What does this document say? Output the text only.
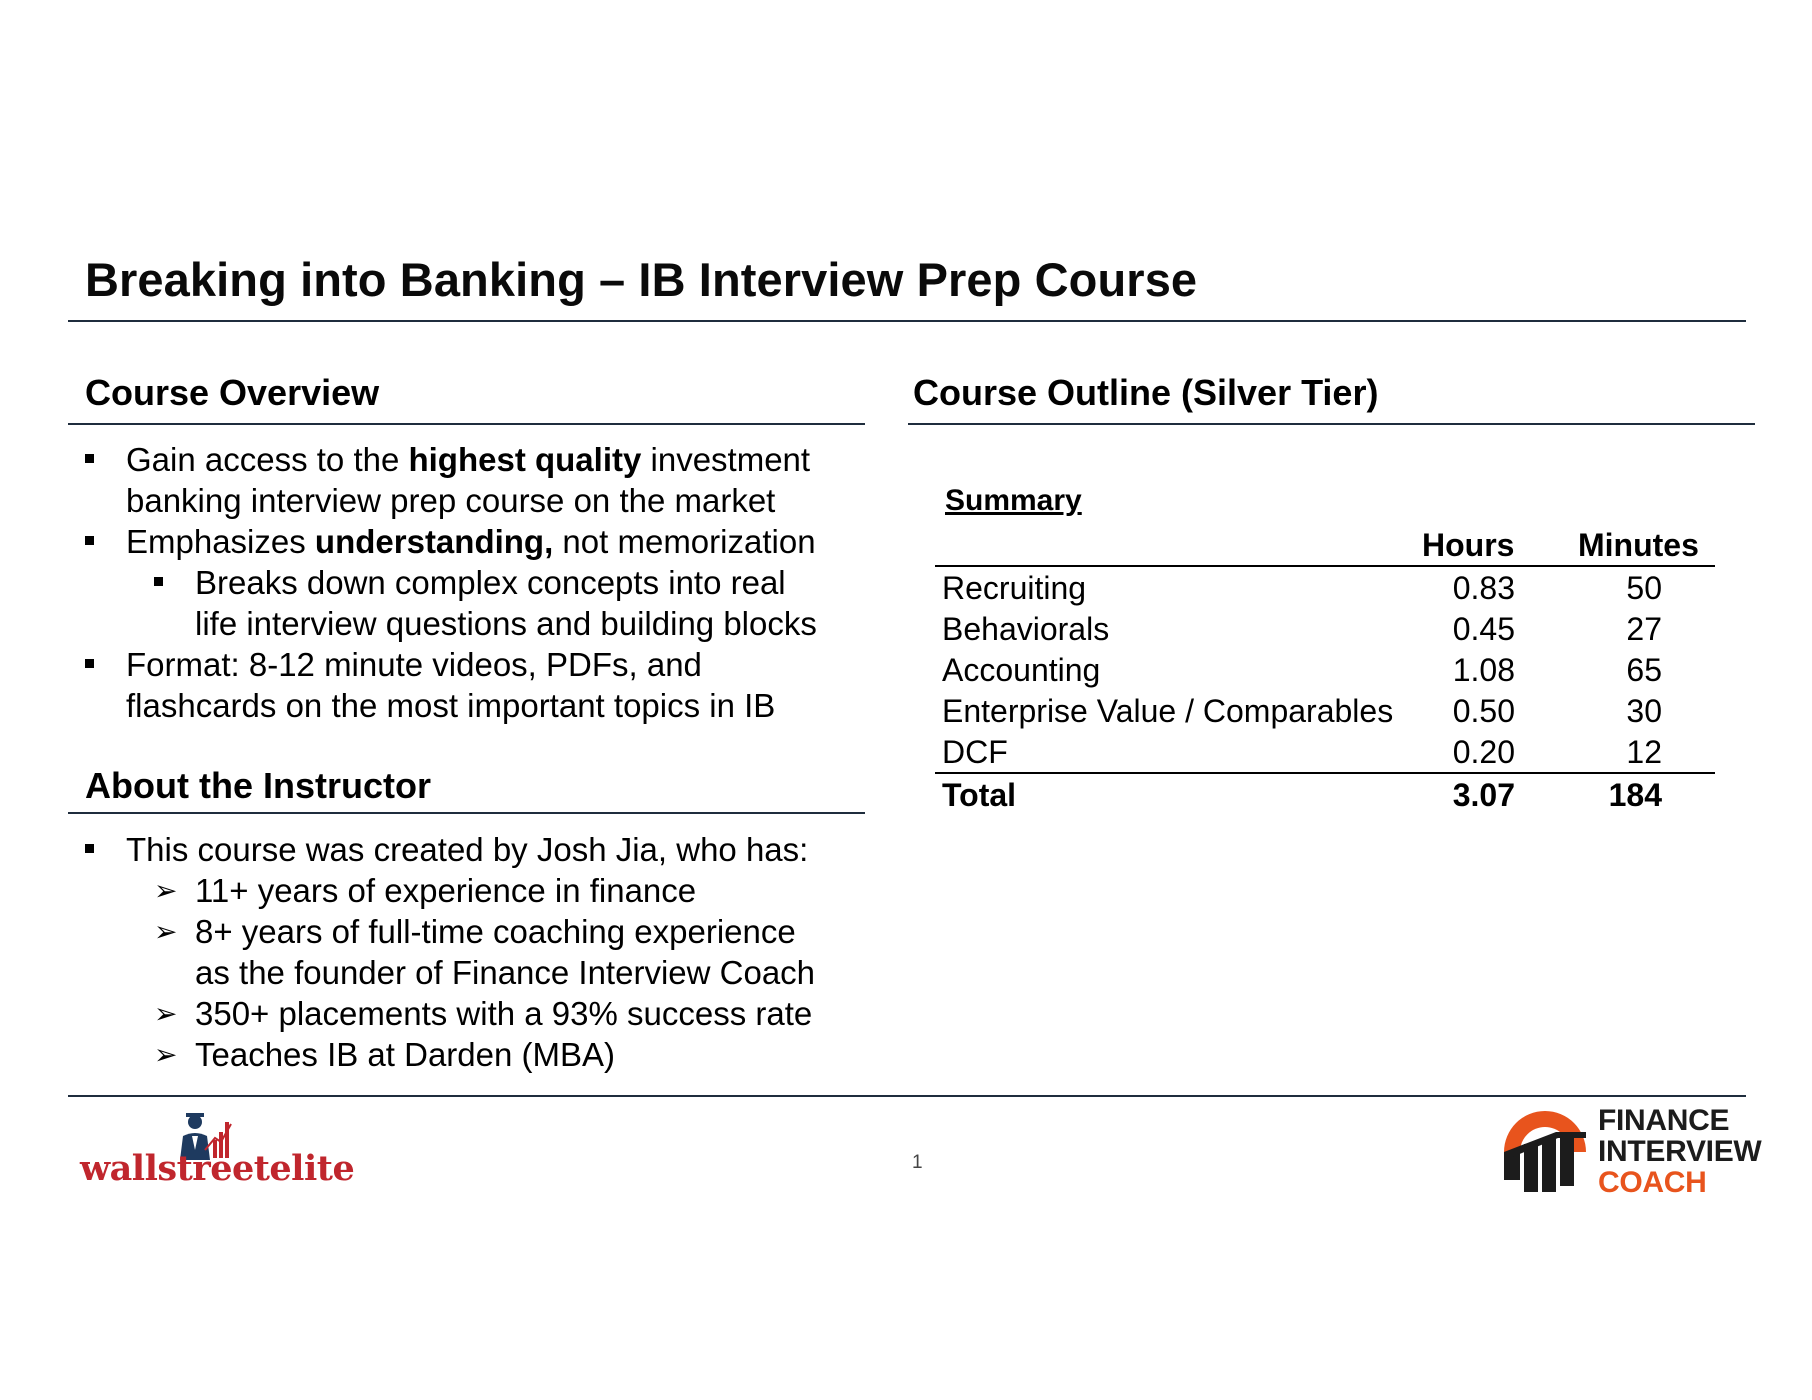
Breaking into Banking – IB Interview Prep Course
Course Overview
Gain access to the highest quality investment
banking interview prep course on the market
Emphasizes understanding, not memorization
Breaks down complex concepts into real
life interview questions and building blocks
Format: 8-12 minute videos, PDFs, and
flashcards on the most important topics in IB
About the Instructor
This course was created by Josh Jia, who has:
➢ 11+ years of experience in finance
➢ 8+ years of full-time coaching experience
as the founder of Finance Interview Coach
➢ 350+ placements with a 93% success rate
➢ Teaches IB at Darden (MBA)
Course Outline (Silver Tier)
Summary
Hours Minutes
Recruiting	0.83	50
Behaviorals	0.45	27
Accounting	1.08	65
Enterprise Value / Comparables	0.50	30
DCF	0.20	12
Total	3.07	184
wallstreetelite	1
FINANCE
INTERVIEW
COACH
